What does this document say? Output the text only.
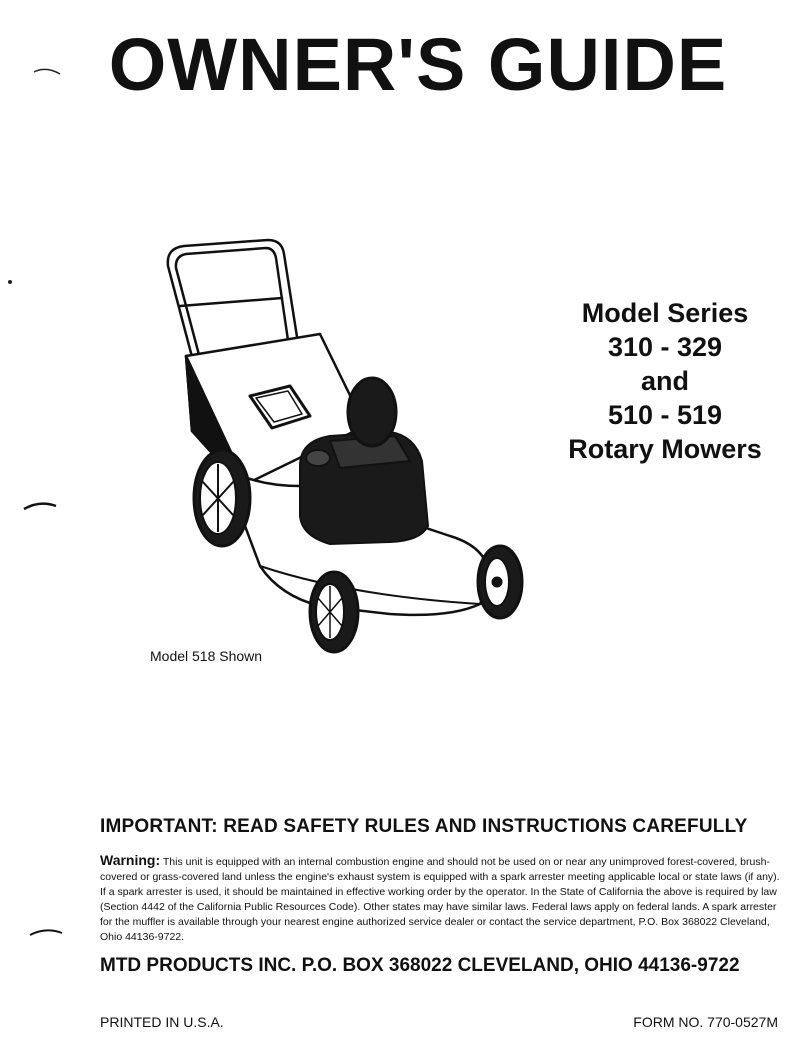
OWNER'S GUIDE
Model Series
310 - 329
and
510 - 519
Rotary Mowers
Model 518 Shown
IMPORTANT: READ SAFETY RULES AND INSTRUCTIONS CAREFULLY
Warning: This unit is equipped with an internal combustion engine and should not be used on or near any unimproved forest-covered, brush-covered or grass-covered land unless the engine's exhaust system is equipped with a spark arrester meeting applicable local or state laws (if any). If a spark arrester is used, it should be maintained in effective working order by the operator. In the State of California the above is required by law (Section 4442 of the California Public Resources Code). Other states may have similar laws. Federal laws apply on federal lands. A spark arrester for the muffler is available through your nearest engine authorized service dealer or contact the service department, P.O. Box 368022 Cleveland, Ohio 44136-9722.
MTD PRODUCTS INC. P.O. BOX 368022 CLEVELAND, OHIO 44136-9722
PRINTED IN U.S.A.	FORM NO. 770-0527M
